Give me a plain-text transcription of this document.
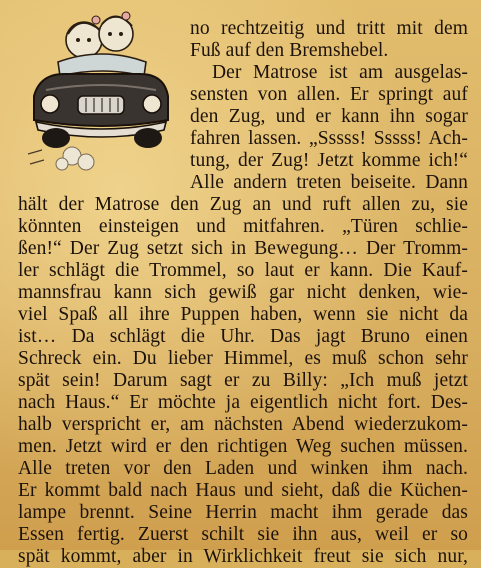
no rechtzeitig und tritt mit dem

Fuß auf den Bremshebel.

Der Matrose ist am ausgelas-

sensten von allen. Er springt auf

den Zug, und er kann ihn sogar

fahren lassen. „Sssss! Sssss! Ach-

tung, der Zug! Jetzt komme ich!“

Alle andern treten beiseite. Dann

hält der Matrose den Zug an und ruft allen zu, sie

könnten einsteigen und mitfahren. „Türen schlie-

ßen!“ Der Zug setzt sich in Bewegung… Der Tromm-

ler schlägt die Trommel, so laut er kann. Die Kauf-

mannsfrau kann sich gewiß gar nicht denken, wie-

viel Spaß all ihre Puppen haben, wenn sie nicht da

ist… Da schlägt die Uhr. Das jagt Bruno einen

Schreck ein. Du lieber Himmel, es muß schon sehr

spät sein! Darum sagt er zu Billy: „Ich muß jetzt

nach Haus.“ Er möchte ja eigentlich nicht fort. Des-

halb verspricht er, am nächsten Abend wiederzukom-

men. Jetzt wird er den richtigen Weg suchen müssen.

Alle treten vor den Laden und winken ihm nach.

Er kommt bald nach Haus und sieht, daß die Küchen-

lampe brennt. Seine Herrin macht ihm gerade das

Essen fertig. Zuerst schilt sie ihn aus, weil er so

spät kommt, aber in Wirklichkeit freut sie sich nur,
